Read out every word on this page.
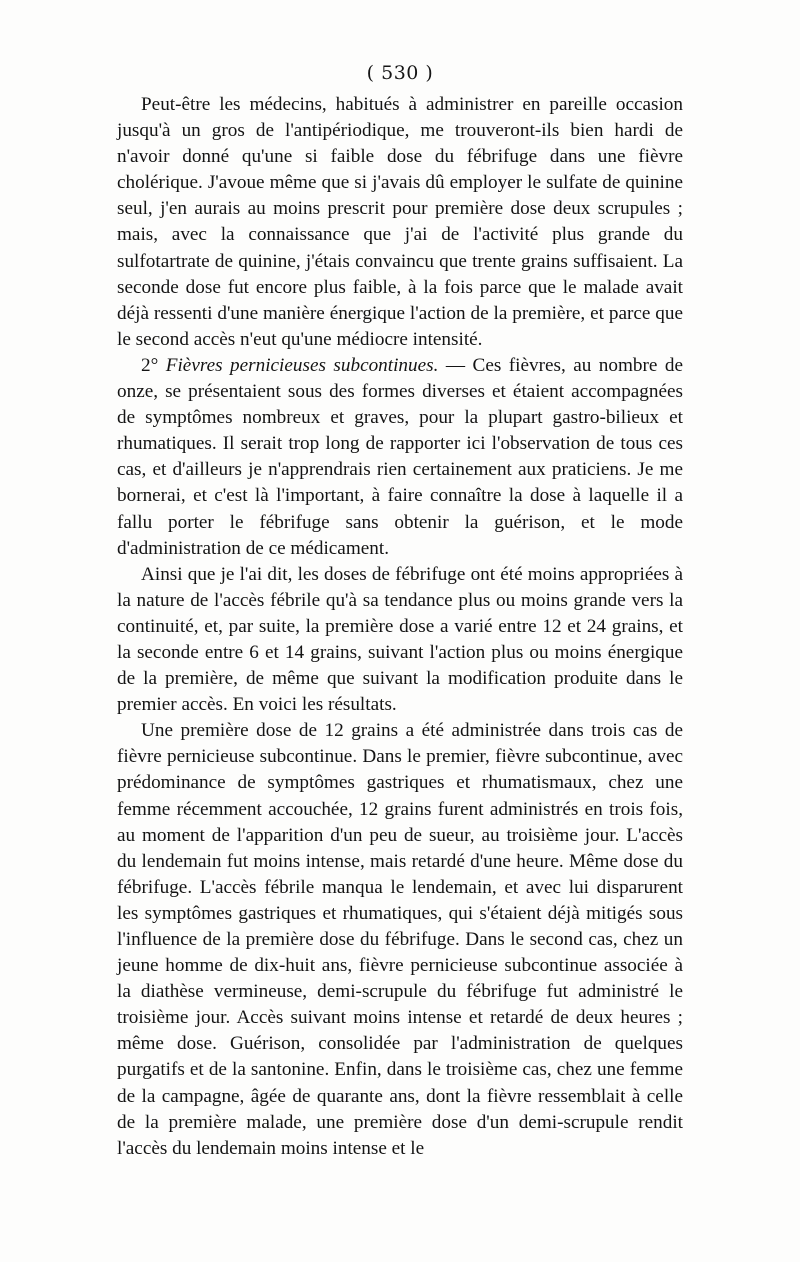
( 530 )

Peut-être les médecins, habitués à administrer en pareille occasion jusqu'à un gros de l'antipériodique, me trouveront-ils bien hardi de n'avoir donné qu'une si faible dose du fébrifuge dans une fièvre cholérique. J'avoue même que si j'avais dû employer le sulfate de quinine seul, j'en aurais au moins prescrit pour première dose deux scrupules ; mais, avec la connaissance que j'ai de l'activité plus grande du sulfotartrate de quinine, j'étais convaincu que trente grains suffisaient. La seconde dose fut encore plus faible, à la fois parce que le malade avait déjà ressenti d'une manière énergique l'action de la première, et parce que le second accès n'eut qu'une médiocre intensité.

2° Fièvres pernicieuses subcontinues. — Ces fièvres, au nombre de onze, se présentaient sous des formes diverses et étaient accompagnées de symptômes nombreux et graves, pour la plupart gastro-bilieux et rhumatiques. Il serait trop long de rapporter ici l'observation de tous ces cas, et d'ailleurs je n'apprendrais rien certainement aux praticiens. Je me bornerai, et c'est là l'important, à faire connaître la dose à laquelle il a fallu porter le fébrifuge sans obtenir la guérison, et le mode d'administration de ce médicament.

Ainsi que je l'ai dit, les doses de fébrifuge ont été moins appropriées à la nature de l'accès fébrile qu'à sa tendance plus ou moins grande vers la continuité, et, par suite, la première dose a varié entre 12 et 24 grains, et la seconde entre 6 et 14 grains, suivant l'action plus ou moins énergique de la première, de même que suivant la modification produite dans le premier accès. En voici les résultats.

Une première dose de 12 grains a été administrée dans trois cas de fièvre pernicieuse subcontinue. Dans le premier, fièvre subcontinue, avec prédominance de symptômes gastriques et rhumatismaux, chez une femme récemment accouchée, 12 grains furent administrés en trois fois, au moment de l'apparition d'un peu de sueur, au troisième jour. L'accès du lendemain fut moins intense, mais retardé d'une heure. Même dose du fébrifuge. L'accès fébrile manqua le lendemain, et avec lui disparurent les symptômes gastriques et rhumatiques, qui s'étaient déjà mitigés sous l'influence de la première dose du fébrifuge. Dans le second cas, chez un jeune homme de dix-huit ans, fièvre pernicieuse subcontinue associée à la diathèse vermineuse, demi-scrupule du fébrifuge fut administré le troisième jour. Accès suivant moins intense et retardé de deux heures ; même dose. Guérison, consolidée par l'administration de quelques purgatifs et de la santonine. Enfin, dans le troisième cas, chez une femme de la campagne, âgée de quarante ans, dont la fièvre ressemblait à celle de la première malade, une première dose d'un demi-scrupule rendit l'accès du lendemain moins intense et le
